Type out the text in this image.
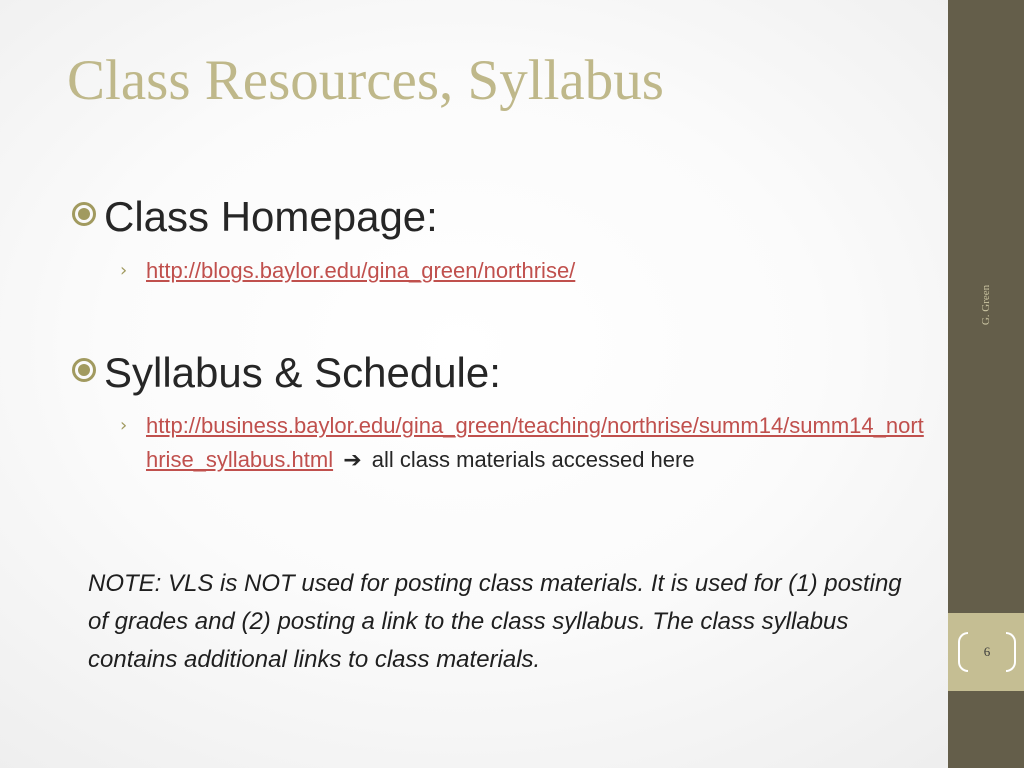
Class Resources, Syllabus
Class Homepage:
› http://blogs.baylor.edu/gina_green/northrise/
Syllabus & Schedule:
› http://business.baylor.edu/gina_green/teaching/northrise/summ14/summ14_northrise_syllabus.html ➔ all class materials accessed here

NOTE: VLS is NOT used for posting class materials. It is used for (1) posting of grades and (2) posting a link to the class syllabus. The class syllabus contains additional links to class materials.

G. Green
6
